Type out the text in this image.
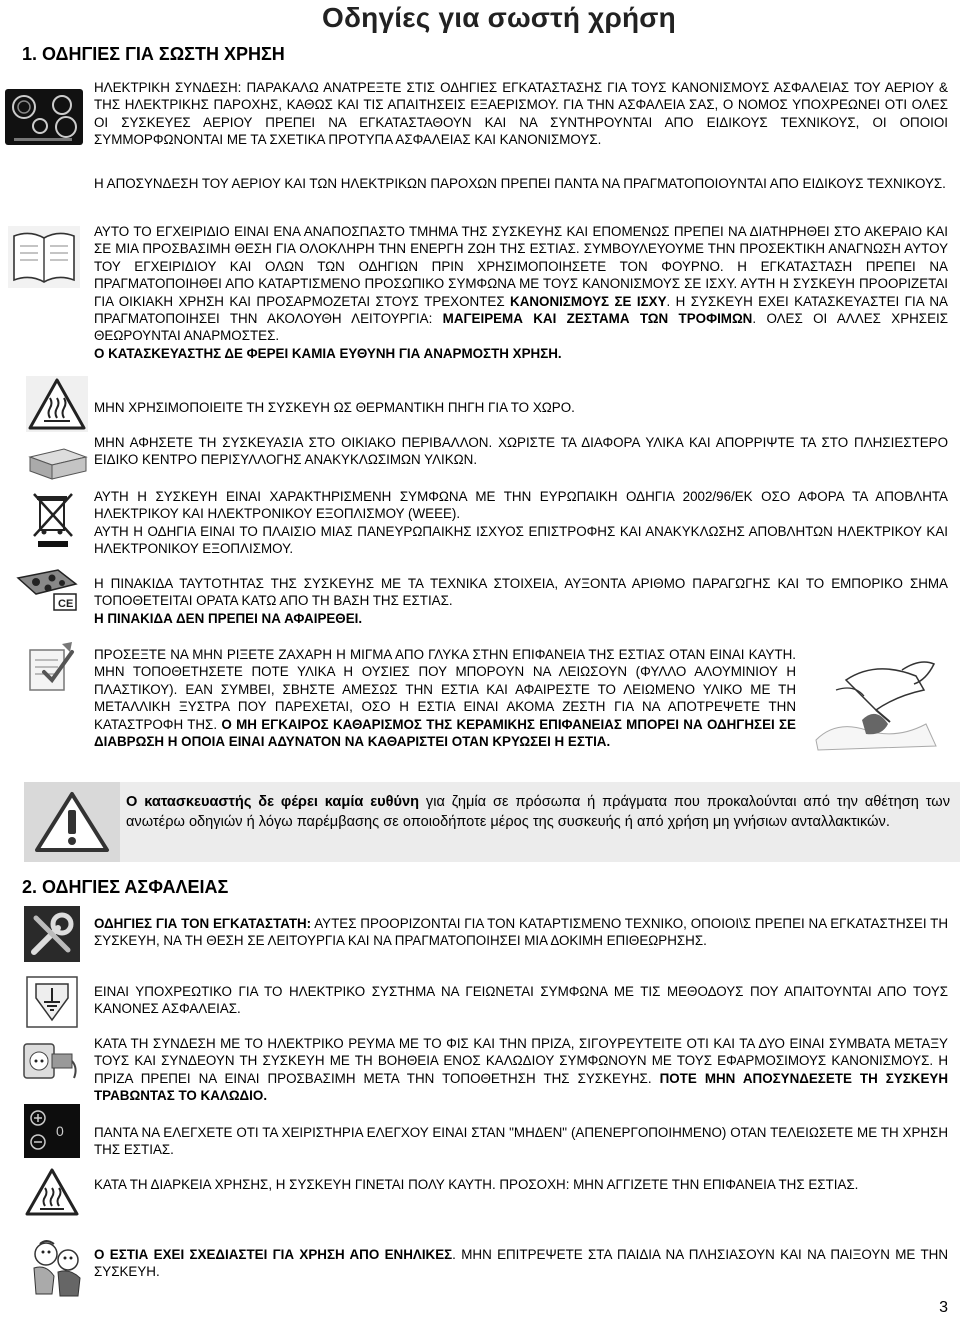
Οδηγίες για σωστή χρήση
1. ΟΔΗΓΙΕΣ ΓΙΑ ΣΩΣΤΗ ΧΡΗΣΗ
CE
Ο κατασκευαστής δε φέρει καμία ευθύνη για ζημία σε πρόσωπα ή πράγματα που προκαλούνται από την αθέτηση των ανωτέρω οδηγιών ή λόγω παρέμβασης σε οποιοδήποτε μέρος της συσκευής ή από χρήση μη γνήσιων ανταλλακτικών.
2. ΟΔΗΓΙΕΣ ΑΣΦΑΛΕΙΑΣ
0
ΗΛΕΚΤΡΙΚΗ ΣΥΝΔΕΣΗ: ΠΑΡΑΚΑΛΩ ΑΝΑΤΡΕΞΤΕ ΣΤΙΣ ΟΔΗΓΙΕΣ ΕΓΚΑΤΑΣΤΑΣΗΣ ΓΙΑ ΤΟΥΣ ΚΑΝΟΝΙΣΜΟΥΣ ΑΣΦΑΛΕΙΑΣ ΤΟΥ ΑΕΡΙΟΥ & ΤΗΣ ΗΛΕΚΤΡΙΚΗΣ ΠΑΡΟΧΗΣ, ΚΑΘΩΣ ΚΑΙ ΤΙΣ ΑΠΑΙΤΗΣΕΙΣ ΕΞΑΕΡΙΣΜΟΥ. ΓΙΑ ΤΗΝ ΑΣΦΑΛΕΙΑ ΣΑΣ, Ο ΝΟΜΟΣ ΥΠΟΧΡΕΩΝΕΙ ΟΤΙ ΟΛΕΣ ΟΙ ΣΥΣΚΕΥΕΣ ΑΕΡΙΟΥ ΠΡΕΠΕΙ ΝΑ ΕΓΚΑΤΑΣΤΑΘΟΥΝ ΚΑΙ ΝΑ ΣΥΝΤΗΡΟΥΝΤΑΙ ΑΠΟ ΕΙΔΙΚΟΥΣ ΤΕΧΝΙΚΟΥΣ, ΟΙ ΟΠΟΙΟΙ ΣΥΜΜΟΡΦΩΝΟΝΤΑΙ ΜΕ ΤΑ ΣΧΕΤΙΚΑ ΠΡΟΤΥΠΑ ΑΣΦΑΛΕΙΑΣ ΚΑΙ ΚΑΝΟΝΙΣΜΟΥΣ.
Η ΑΠΟΣΥΝΔΕΣΗ ΤΟΥ ΑΕΡΙΟΥ ΚΑΙ ΤΩΝ ΗΛΕΚΤΡΙΚΩΝ ΠΑΡΟΧΩΝ ΠΡΕΠΕΙ ΠΑΝΤΑ ΝΑ ΠΡΑΓΜΑΤΟΠΟΙΟΥΝΤΑΙ ΑΠΟ ΕΙΔΙΚΟΥΣ ΤΕΧΝΙΚΟΥΣ.
ΑΥΤΟ ΤΟ ΕΓΧΕΙΡΙΔΙΟ ΕΙΝΑΙ ΕΝΑ ΑΝΑΠΟΣΠΑΣΤΟ ΤΜΗΜΑ ΤΗΣ ΣΥΣΚΕΥΗΣ ΚΑΙ ΕΠΟΜΕΝΩΣ ΠΡΕΠΕΙ ΝΑ ΔΙΑΤΗΡΗΘΕΙ ΣΤΟ ΑΚΕΡΑΙΟ ΚΑΙ ΣΕ ΜΙΑ ΠΡΟΣΒΑΣΙΜΗ ΘΕΣΗ ΓΙΑ ΟΛΟΚΛΗΡΗ ΤΗΝ ΕΝΕΡΓΗ ΖΩΗ ΤΗΣ ΕΣΤΙΑΣ. ΣΥΜΒΟΥΛΕΥΟΥΜΕ ΤΗΝ ΠΡΟΣΕΚΤΙΚΗ ΑΝΑΓΝΩΣΗ ΑΥΤΟΥ ΤΟΥ ΕΓΧΕΙΡΙΔΙΟΥ ΚΑΙ ΟΛΩΝ ΤΩΝ ΟΔΗΓΙΩΝ ΠΡΙΝ ΧΡΗΣΙΜΟΠΟΙΗΣΕΤΕ ΤΟΝ ΦΟΥΡΝΟ. Η ΕΓΚΑΤΑΣΤΑΣΗ ΠΡΕΠΕΙ ΝΑ ΠΡΑΓΜΑΤΟΠΟΙΗΘΕΙ ΑΠΟ ΚΑΤΑΡΤΙΣΜΕΝΟ ΠΡΟΣΩΠΙΚΟ ΣΥΜΦΩΝΑ ΜΕ ΤΟΥΣ ΚΑΝΟΝΙΣΜΟΥΣ ΣΕ ΙΣΧΥ. ΑΥΤΗ Η ΣΥΣΚΕΥΗ ΠΡΟΟΡΙΖΕΤΑΙ ΓΙΑ ΟΙΚΙΑΚΗ ΧΡΗΣΗ ΚΑΙ ΠΡΟΣΑΡΜΟΖΕΤΑΙ ΣΤΟΥΣ ΤΡΕΧΟΝΤΕΣ ΚΑΝΟΝΙΣΜΟΥΣ ΣΕ ΙΣΧΥ. Η ΣΥΣΚΕΥΗ ΕΧΕΙ ΚΑΤΑΣΚΕΥΑΣΤΕΙ ΓΙΑ ΝΑ ΠΡΑΓΜΑΤΟΠΟΙΗΣΕΙ ΤΗΝ ΑΚΟΛΟΥΘΗ ΛΕΙΤΟΥΡΓΙΑ: ΜΑΓΕΙΡΕΜΑ ΚΑΙ ΖΕΣΤΑΜΑ ΤΩΝ ΤΡΟΦΙΜΩΝ. ΟΛΕΣ ΟΙ ΑΛΛΕΣ ΧΡΗΣΕΙΣ ΘΕΩΡΟΥΝΤΑΙ ΑΝΑΡΜΟΣΤΕΣ.
Ο ΚΑΤΑΣΚΕΥΑΣΤΗΣ ΔΕ ΦΕΡΕΙ ΚΑΜΙΑ ΕΥΘΥΝΗ ΓΙΑ ΑΝΑΡΜΟΣΤΗ ΧΡΗΣΗ.
ΜΗΝ ΧΡΗΣΙΜΟΠΟΙΕΙΤΕ ΤΗ ΣΥΣΚΕΥΗ ΩΣ ΘΕΡΜΑΝΤΙΚΗ ΠΗΓΗ ΓΙΑ ΤΟ ΧΩΡΟ.
ΜΗΝ ΑΦΗΣΕΤΕ ΤΗ ΣΥΣΚΕΥΑΣΙΑ ΣΤΟ ΟΙΚΙΑΚΟ ΠΕΡΙΒΑΛΛΟΝ. ΧΩΡΙΣΤΕ ΤΑ ΔΙΑΦΟΡΑ ΥΛΙΚΑ ΚΑΙ ΑΠΟΡΡΙΨΤΕ ΤΑ ΣΤΟ ΠΛΗΣΙΕΣΤΕΡΟ ΕΙΔΙΚΟ ΚΕΝΤΡΟ ΠΕΡΙΣΥΛΛΟΓΗΣ ΑΝΑΚΥΚΛΩΣΙΜΩΝ ΥΛΙΚΩΝ.
ΑΥΤΗ Η ΣΥΣΚΕΥΗ ΕΙΝΑΙ ΧΑΡΑΚΤΗΡΙΣΜΕΝΗ ΣΥΜΦΩΝΑ ΜΕ ΤΗΝ ΕΥΡΩΠΑΙΚΗ ΟΔΗΓΙΑ 2002/96/ΕΚ ΟΣΟ ΑΦΟΡΑ ΤΑ ΑΠΟΒΛΗΤΑ ΗΛΕΚΤΡΙΚΟΥ ΚΑΙ ΗΛΕΚΤΡΟΝΙΚΟΥ ΕΞΟΠΛΙΣΜΟΥ (WEEE).
ΑΥΤΗ Η ΟΔΗΓΙΑ ΕΙΝΑΙ ΤΟ ΠΛΑΙΣΙΟ ΜΙΑΣ ΠΑΝΕΥΡΩΠΑΙΚΗΣ ΙΣΧΥΟΣ ΕΠΙΣΤΡΟΦΗΣ ΚΑΙ ΑΝΑΚΥΚΛΩΣΗΣ ΑΠΟΒΛΗΤΩΝ ΗΛΕΚΤΡΙΚΟΥ ΚΑΙ ΗΛΕΚΤΡΟΝΙΚΟΥ ΕΞΟΠΛΙΣΜΟΥ.
Η ΠΙΝΑΚΙΔΑ ΤΑΥΤΟΤΗΤΑΣ ΤΗΣ ΣΥΣΚΕΥΗΣ ΜΕ ΤΑ ΤΕΧΝΙΚΑ ΣΤΟΙΧΕΙΑ, ΑΥΞΟΝΤΑ ΑΡΙΘΜΟ ΠΑΡΑΓΩΓΗΣ ΚΑΙ ΤΟ ΕΜΠΟΡΙΚΟ ΣΗΜΑ ΤΟΠΟΘΕΤΕΙΤΑΙ ΟΡΑΤΑ ΚΑΤΩ ΑΠΟ ΤΗ ΒΑΣΗ ΤΗΣ ΕΣΤΙΑΣ.
Η ΠΙΝΑΚΙΔΑ ΔΕΝ ΠΡΕΠΕΙ ΝΑ ΑΦΑΙΡΕΘΕΙ.
ΠΡΟΣΕΞΤΕ ΝΑ ΜΗΝ ΡΙΞΕΤΕ ΖΑΧΑΡΗ Η ΜΙΓΜΑ ΑΠΟ ΓΛΥΚΑ ΣΤΗΝ ΕΠΙΦΑΝΕΙΑ ΤΗΣ ΕΣΤΙΑΣ ΟΤΑΝ ΕΙΝΑΙ ΚΑΥΤΗ. ΜΗΝ ΤΟΠΟΘΕΤΗΣΕΤΕ ΠΟΤΕ ΥΛΙΚΑ Η ΟΥΣΙΕΣ ΠΟΥ ΜΠΟΡΟΥΝ ΝΑ ΛΕΙΩΣΟΥΝ (ΦΥΛΛΟ ΑΛΟΥΜΙΝΙΟΥ Η ΠΛΑΣΤΙΚΟΥ). ΕΑΝ ΣΥΜΒΕΙ, ΣΒΗΣΤΕ ΑΜΕΣΩΣ ΤΗΝ ΕΣΤΙΑ ΚΑΙ ΑΦΑΙΡΕΣΤΕ ΤΟ ΛΕΙΩΜΕΝΟ ΥΛΙΚΟ ΜΕ ΤΗ ΜΕΤΑΛΛΙΚΗ ΞΥΣΤΡΑ ΠΟΥ ΠΑΡΕΧΕΤΑΙ, ΟΣΟ Η ΕΣΤΙΑ ΕΙΝΑΙ ΑΚΟΜΑ ΖΕΣΤΗ ΓΙΑ ΝΑ ΑΠΟΤΡΕΨΕΤΕ ΤΗΝ ΚΑΤΑΣΤΡΟΦΗ ΤΗΣ. Ο ΜΗ ΕΓΚΑΙΡΟΣ ΚΑΘΑΡΙΣΜΟΣ ΤΗΣ ΚΕΡΑΜΙΚΗΣ ΕΠΙΦΑΝΕΙΑΣ ΜΠΟΡΕΙ ΝΑ ΟΔΗΓΗΣΕΙ ΣΕ ΔΙΑΒΡΩΣΗ Η ΟΠΟΙΑ ΕΙΝΑΙ ΑΔΥΝΑΤΟΝ ΝΑ ΚΑΘΑΡΙΣΤΕΙ ΟΤΑΝ ΚΡΥΩΣΕΙ Η ΕΣΤΙΑ.
ΟΔΗΓΙΕΣ ΓΙΑ ΤΟΝ ΕΓΚΑΤΑΣΤΑΤΗ: ΑΥΤΕΣ ΠΡΟΟΡΙΖΟΝΤΑΙ ΓΙΑ ΤΟΝ ΚΑΤΑΡΤΙΣΜΕΝΟ ΤΕΧΝΙΚΟ, ΟΠΟΙΟΙ\Σ ΠΡΕΠΕΙ ΝΑ ΕΓΚΑΤΑΣΤΗΣΕΙ ΤΗ ΣΥΣΚΕΥΗ, ΝΑ ΤΗ ΘΕΣΗ ΣΕ ΛΕΙΤΟΥΡΓΙΑ ΚΑΙ ΝΑ ΠΡΑΓΜΑΤΟΠΟΙΗΣΕΙ ΜΙΑ ΔΟΚΙΜΗ ΕΠΙΘΕΩΡΗΣΗΣ.
ΕΙΝΑΙ ΥΠΟΧΡΕΩΤΙΚΟ ΓΙΑ ΤΟ ΗΛΕΚΤΡΙΚΟ ΣΥΣΤΗΜΑ ΝΑ ΓΕΙΩΝΕΤΑΙ ΣΥΜΦΩΝΑ ΜΕ ΤΙΣ ΜΕΘΟΔΟΥΣ ΠΟΥ ΑΠΑΙΤΟΥΝΤΑΙ ΑΠΟ ΤΟΥΣ ΚΑΝΟΝΕΣ ΑΣΦΑΛΕΙΑΣ.
ΚΑΤΑ ΤΗ ΣΥΝΔΕΣΗ ΜΕ ΤΟ ΗΛΕΚΤΡΙΚΟ ΡΕΥΜΑ ΜΕ ΤΟ ΦΙΣ ΚΑΙ ΤΗΝ ΠΡΙΖΑ, ΣΙΓΟΥΡΕΥΤΕΙΤΕ ΟΤΙ ΚΑΙ ΤΑ ΔΥΟ ΕΙΝΑΙ ΣΥΜΒΑΤΑ ΜΕΤΑΞΥ ΤΟΥΣ ΚΑΙ ΣΥΝΔΕΟΥΝ ΤΗ ΣΥΣΚΕΥΗ ΜΕ ΤΗ ΒΟΗΘΕΙΑ ΕΝΟΣ ΚΑΛΩΔΙΟΥ ΣΥΜΦΩΝΟΥΝ ΜΕ ΤΟΥΣ ΕΦΑΡΜΟΣΙΜΟΥΣ ΚΑΝΟΝΙΣΜΟΥΣ. Η ΠΡΙΖΑ ΠΡΕΠΕΙ ΝΑ ΕΙΝΑΙ ΠΡΟΣΒΑΣΙΜΗ ΜΕΤΑ ΤΗΝ ΤΟΠΟΘΕΤΗΣΗ ΤΗΣ ΣΥΣΚΕΥΗΣ. ΠΟΤΕ ΜΗΝ ΑΠΟΣΥΝΔΕΣΕΤΕ ΤΗ ΣΥΣΚΕΥΗ ΤΡΑΒΩΝΤΑΣ ΤΟ ΚΑΛΩΔΙΟ.
ΠΑΝΤΑ ΝΑ ΕΛΕΓΧΕΤΕ ΟΤΙ ΤΑ ΧΕΙΡΙΣΤΗΡΙΑ ΕΛΕΓΧΟΥ ΕΙΝΑΙ ΣΤΑΝ "ΜΗΔΕΝ" (ΑΠΕΝΕΡΓΟΠΟΙΗΜΕΝΟ) ΟΤΑΝ ΤΕΛΕΙΩΣΕΤΕ ΜΕ ΤΗ ΧΡΗΣΗ ΤΗΣ ΕΣΤΙΑΣ.
ΚΑΤΑ ΤΗ ΔΙΑΡΚΕΙΑ ΧΡΗΣΗΣ, Η ΣΥΣΚΕΥΗ ΓΙΝΕΤΑΙ ΠΟΛΥ ΚΑΥΤΗ. ΠΡΟΣΟΧΗ: ΜΗΝ ΑΓΓΙΖΕΤΕ ΤΗΝ ΕΠΙΦΑΝΕΙΑ ΤΗΣ ΕΣΤΙΑΣ.
Ο ΕΣΤΙΑ ΕΧΕΙ ΣΧΕΔΙΑΣΤΕΙ ΓΙΑ ΧΡΗΣΗ ΑΠΟ ΕΝΗΛΙΚΕΣ. ΜΗΝ ΕΠΙΤΡΕΨΕΤΕ ΣΤΑ ΠΑΙΔΙΑ ΝΑ ΠΛΗΣΙΑΣΟΥΝ ΚΑΙ ΝΑ ΠΑΙΞΟΥΝ ΜΕ ΤΗΝ ΣΥΣΚΕΥΗ.
3
